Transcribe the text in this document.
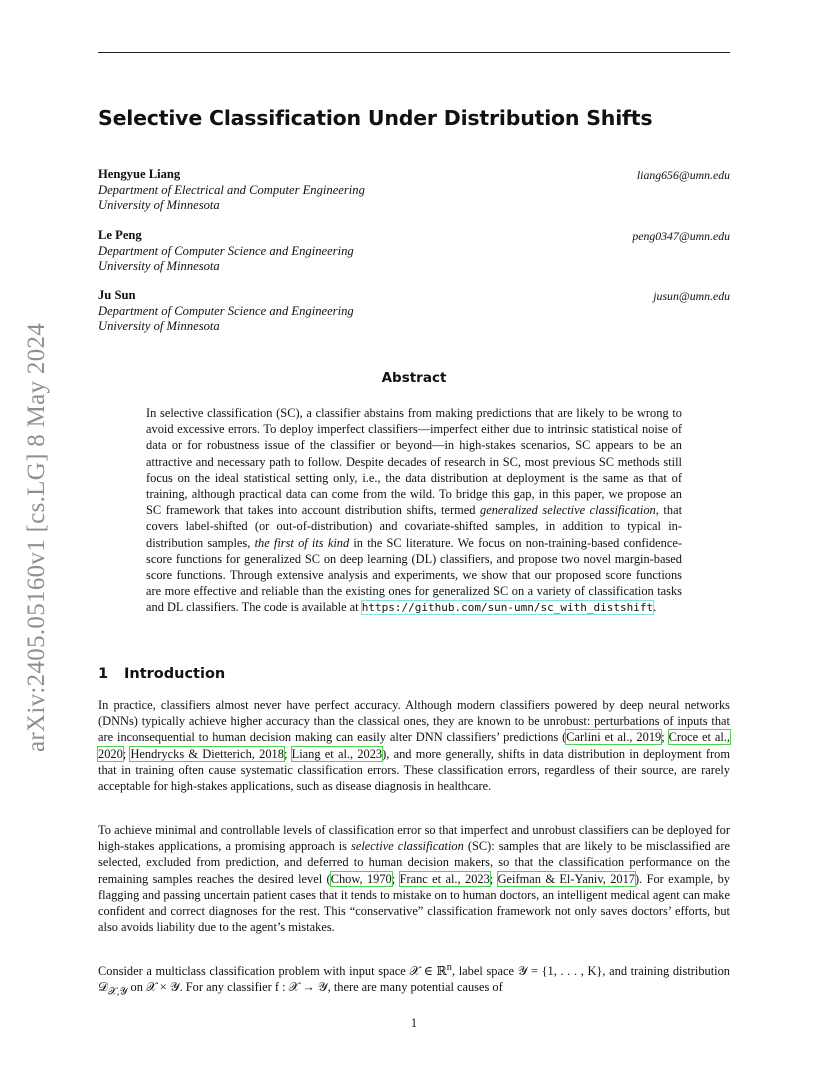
arXiv:2405.05160v1 [cs.LG] 8 May 2024
Selective Classification Under Distribution Shifts
Hengyue Liang	liang656@umn.edu
Department of Electrical and Computer Engineering
University of Minnesota
Le Peng	peng0347@umn.edu
Department of Computer Science and Engineering
University of Minnesota
Ju Sun	jusun@umn.edu
Department of Computer Science and Engineering
University of Minnesota
Abstract

In selective classification (SC), a classifier abstains from making predictions that are likely to be wrong to avoid excessive errors. To deploy imperfect classifiers—imperfect either due to intrinsic statistical noise of data or for robustness issue of the classifier or beyond—in high-stakes scenarios, SC appears to be an attractive and necessary path to follow. Despite decades of research in SC, most previous SC methods still focus on the ideal statistical setting only, i.e., the data distribution at deployment is the same as that of training, although practical data can come from the wild. To bridge this gap, in this paper, we propose an SC framework that takes into account distribution shifts, termed generalized selective classification, that covers label-shifted (or out-of-distribution) and covariate-shifted samples, in addition to typical in-distribution samples, the first of its kind in the SC literature. We focus on non-training-based confidence-score functions for generalized SC on deep learning (DL) classifiers, and propose two novel margin-based score functions. Through extensive analysis and experiments, we show that our proposed score functions are more effective and reliable than the existing ones for generalized SC on a variety of classification tasks and DL classifiers. The code is available at https://github.com/sun-umn/sc_with_distshift.

1 Introduction

In practice, classifiers almost never have perfect accuracy. Although modern classifiers powered by deep neural networks (DNNs) typically achieve higher accuracy than the classical ones, they are known to be unrobust: perturbations of inputs that are inconsequential to human decision making can easily alter DNN classifiers’ predictions (Carlini et al., 2019; Croce et al., 2020; Hendrycks & Dietterich, 2018; Liang et al., 2023), and more generally, shifts in data distribution in deployment from that in training often cause systematic classification errors. These classification errors, regardless of their source, are rarely acceptable for high-stakes applications, such as disease diagnosis in healthcare.

To achieve minimal and controllable levels of classification error so that imperfect and unrobust classifiers can be deployed for high-stakes applications, a promising approach is selective classification (SC): samples that are likely to be misclassified are selected, excluded from prediction, and deferred to human decision makers, so that the classification performance on the remaining samples reaches the desired level (Chow, 1970; Franc et al., 2023; Geifman & El-Yaniv, 2017). For example, by flagging and passing uncertain patient cases that it tends to mistake on to human doctors, an intelligent medical agent can make confident and correct diagnoses for the rest. This “conservative” classification framework not only saves doctors’ efforts, but also avoids liability due to the agent’s mistakes.

Consider a multiclass classification problem with input space 𝒳 ∈ ℝ$^n$, label space 𝒴 = {1, . . . , K}, and training distribution 𝒟$_{𝒳,𝒴}$ on 𝒳 × 𝒴. For any classifier f : 𝒳 → 𝒴, there are many potential causes of

1
